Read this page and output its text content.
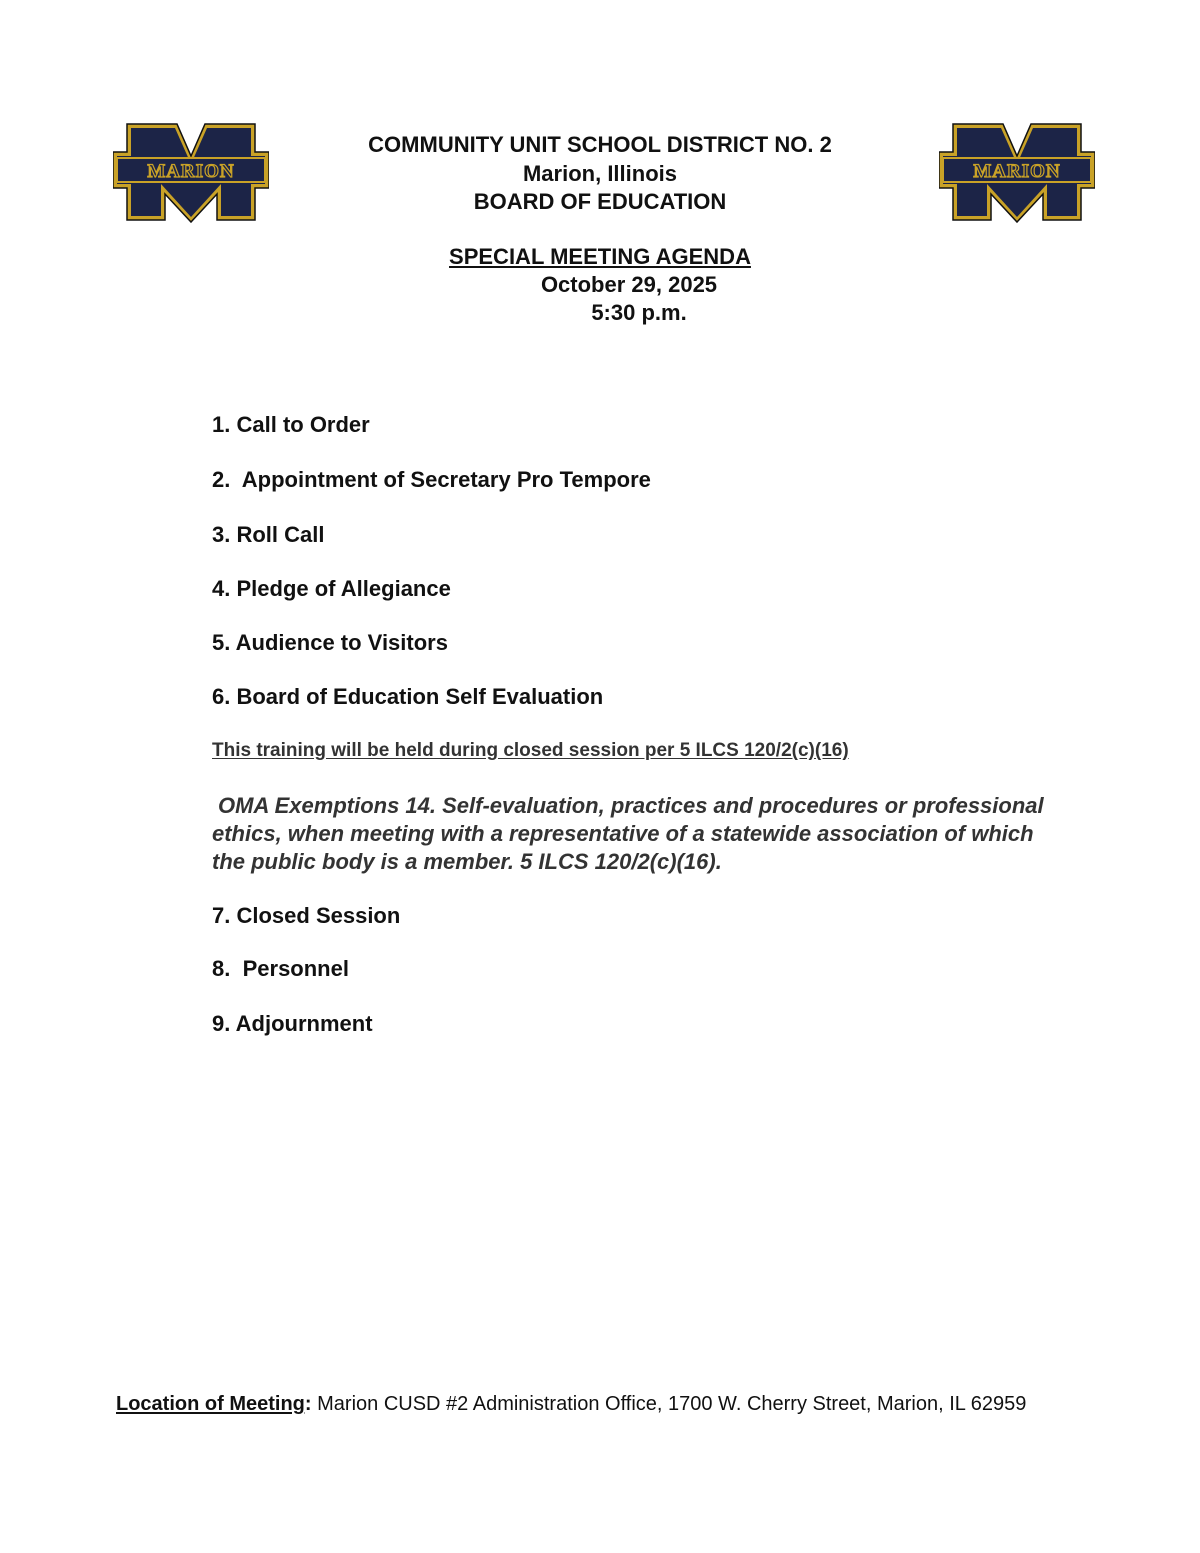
MARION	MARION
COMMUNITY UNIT SCHOOL DISTRICT NO. 2
Marion, Illinois
BOARD OF EDUCATION
SPECIAL MEETING AGENDA
October 29, 2025
5:30 p.m.
1. Call to Order
2. Appointment of Secretary Pro Tempore
3. Roll Call
4. Pledge of Allegiance
5. Audience to Visitors
6. Board of Education Self Evaluation
This training will be held during closed session per 5 ILCS 120/2(c)(16)
OMA Exemptions 14. Self-evaluation, practices and procedures or professional
ethics, when meeting with a representative of a statewide association of which
the public body is a member. 5 ILCS 120/2(c)(16).
7. Closed Session
8. Personnel
9. Adjournment
Location of Meeting: Marion CUSD #2 Administration Office, 1700 W. Cherry Street, Marion, IL 62959
